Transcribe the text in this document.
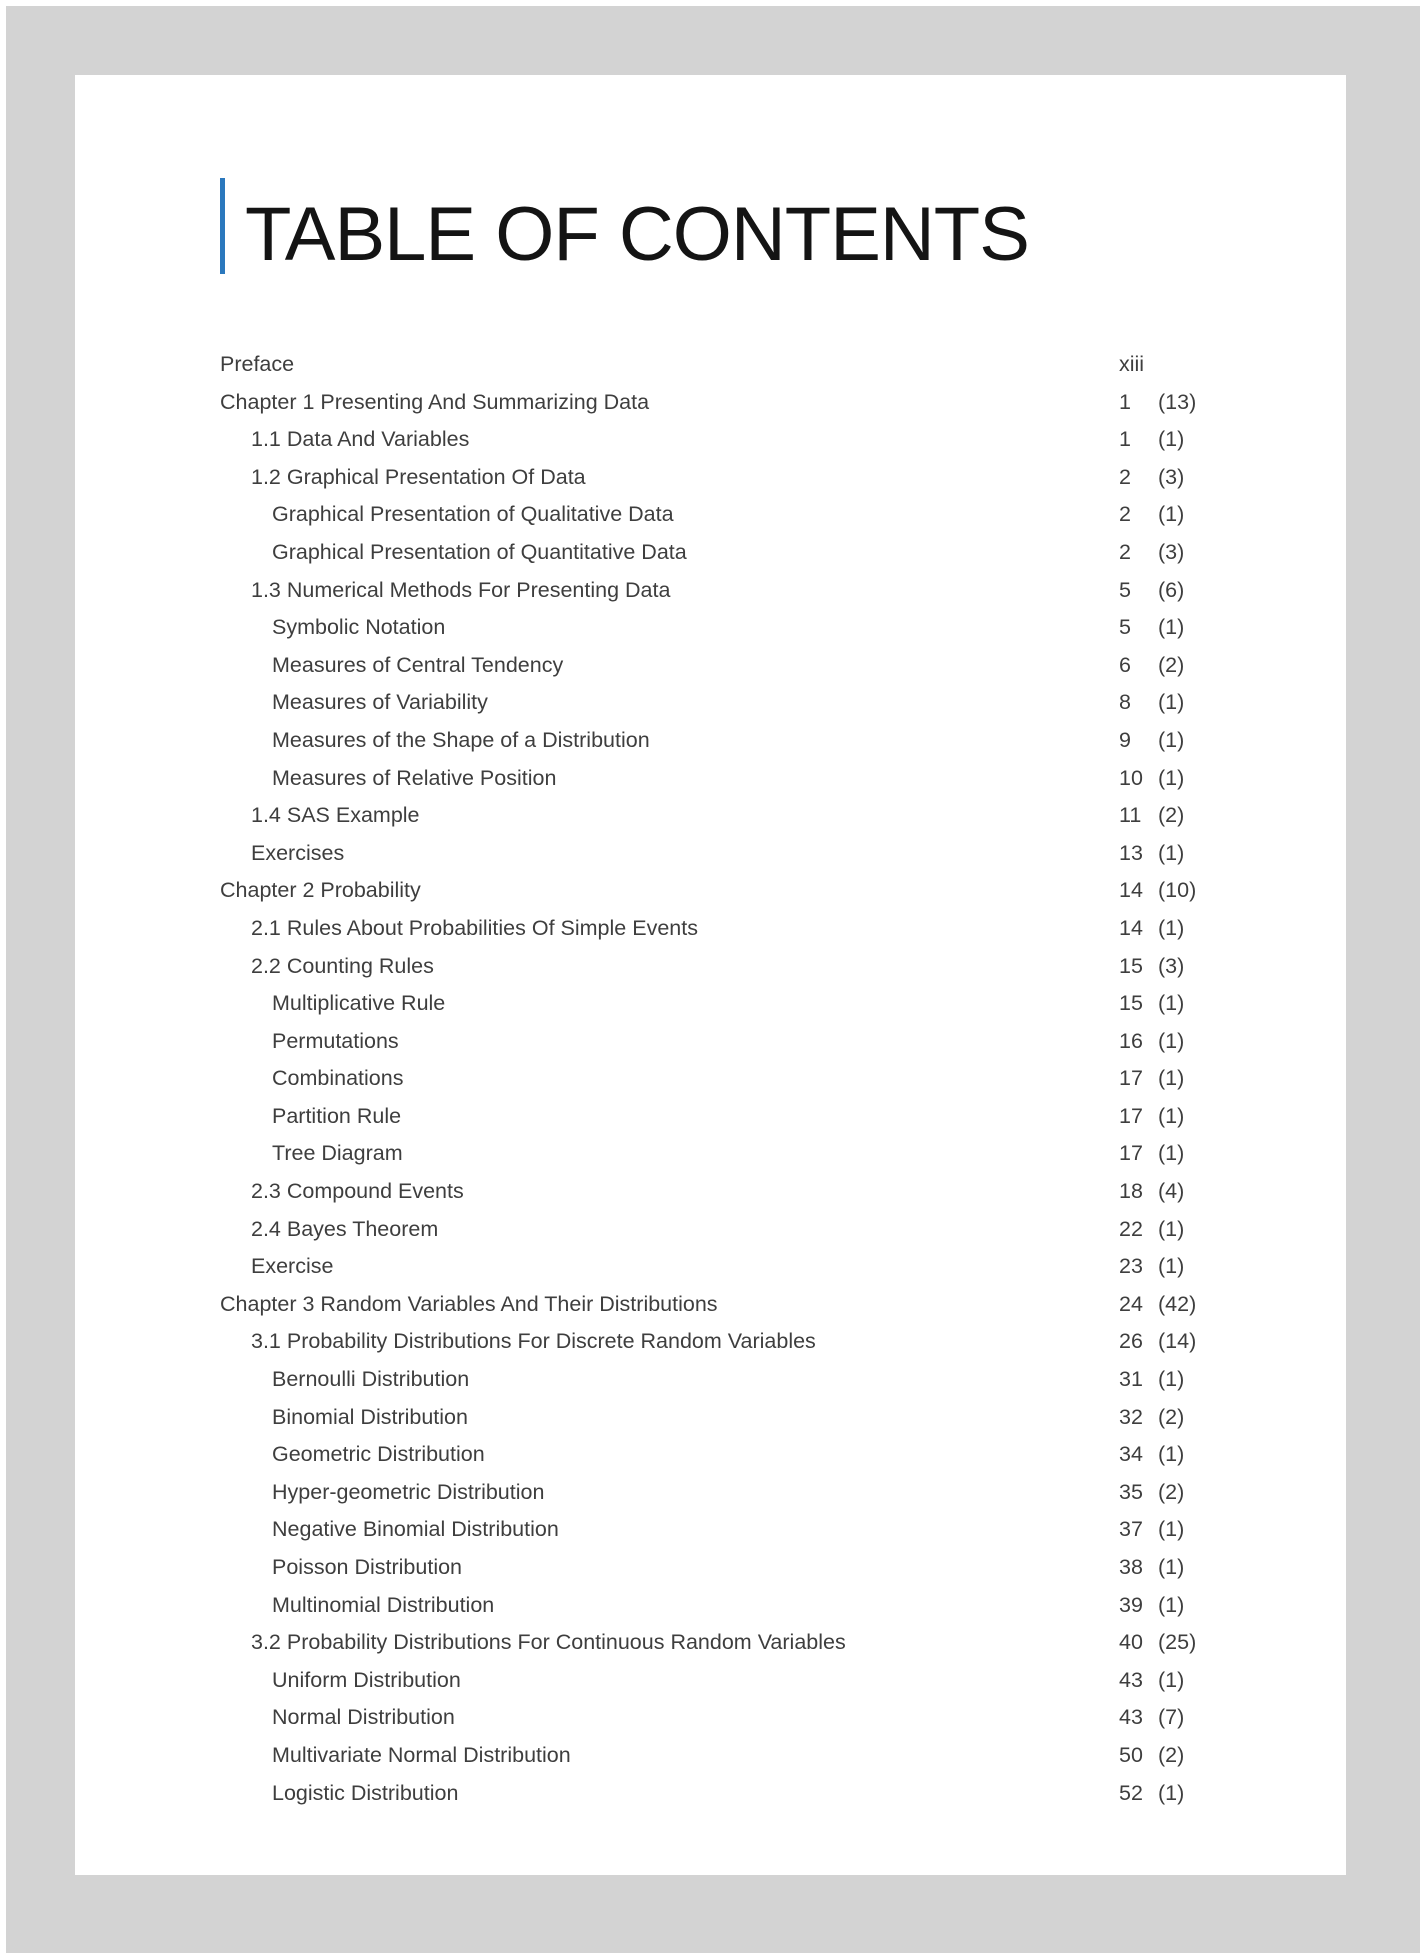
TABLE OF CONTENTS
Preface	xiii
Chapter 1 Presenting And Summarizing Data	1 (13)
1.1 Data And Variables	1 (1)
1.2 Graphical Presentation Of Data	2 (3)
Graphical Presentation of Qualitative Data	2 (1)
Graphical Presentation of Quantitative Data	2 (3)
1.3 Numerical Methods For Presenting Data	5 (6)
Symbolic Notation	5 (1)
Measures of Central Tendency	6 (2)
Measures of Variability	8 (1)
Measures of the Shape of a Distribution	9 (1)
Measures of Relative Position	10 (1)
1.4 SAS Example	11 (2)
Exercises	13 (1)
Chapter 2 Probability	14 (10)
2.1 Rules About Probabilities Of Simple Events	14 (1)
2.2 Counting Rules	15 (3)
Multiplicative Rule	15 (1)
Permutations	16 (1)
Combinations	17 (1)
Partition Rule	17 (1)
Tree Diagram	17 (1)
2.3 Compound Events	18 (4)
2.4 Bayes Theorem	22 (1)
Exercise	23 (1)
Chapter 3 Random Variables And Their Distributions	24 (42)
3.1 Probability Distributions For Discrete Random Variables	26 (14)
Bernoulli Distribution	31 (1)
Binomial Distribution	32 (2)
Geometric Distribution	34 (1)
Hyper-geometric Distribution	35 (2)
Negative Binomial Distribution	37 (1)
Poisson Distribution	38 (1)
Multinomial Distribution	39 (1)
3.2 Probability Distributions For Continuous Random Variables	40 (25)
Uniform Distribution	43 (1)
Normal Distribution	43 (7)
Multivariate Normal Distribution	50 (2)
Logistic Distribution	52 (1)
